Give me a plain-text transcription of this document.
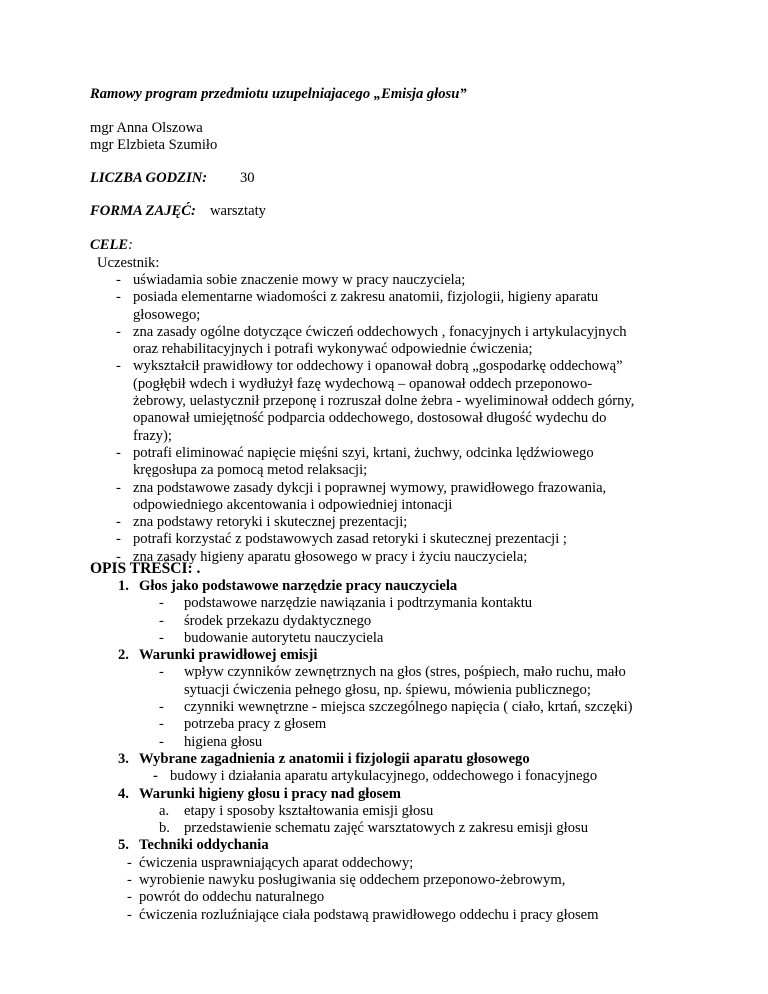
Ramowy program przedmiotu uzupelniajacego „Emisja głosu”
mgr Anna Olszowa
mgr Elzbieta Szumiło
LICZBA GODZIN: 30
FORMA ZAJĘĆ: warsztaty
CELE:
Uczestnik:
- uświadamia sobie znaczenie mowy w pracy nauczyciela;
- posiada elementarne wiadomości z zakresu anatomii, fizjologii, higieny aparatu
głosowego;
- zna zasady ogólne dotyczące ćwiczeń oddechowych , fonacyjnych i artykulacyjnych
oraz rehabilitacyjnych i potrafi wykonywać odpowiednie ćwiczenia;
- wykształcił prawidłowy tor oddechowy i opanował dobrą „gospodarkę oddechową”
(pogłębił wdech i wydłużył fazę wydechową – opanował oddech przeponowo-
żebrowy, uelastycznił przeponę i rozruszał dolne żebra - wyeliminował oddech górny,
opanował umiejętność podparcia oddechowego, dostosował długość wydechu do
frazy);
- potrafi eliminować napięcie mięśni szyi, krtani, żuchwy, odcinka lędźwiowego
kręgosłupa za pomocą metod relaksacji;
- zna podstawowe zasady dykcji i poprawnej wymowy, prawidłowego frazowania,
odpowiedniego akcentowania i odpowiedniej intonacji
- zna podstawy retoryki i skutecznej prezentacji;
- potrafi korzystać z podstawowych zasad retoryki i skutecznej prezentacji ;
- zna zasady higieny aparatu głosowego w pracy i życiu nauczyciela;
OPIS TREŚCI: .
1. Głos jako podstawowe narzędzie pracy nauczyciela
- podstawowe narzędzie nawiązania i podtrzymania kontaktu
- środek przekazu dydaktycznego
- budowanie autorytetu nauczyciela
2. Warunki prawidłowej emisji
- wpływ czynników zewnętrznych na głos (stres, pośpiech, mało ruchu, mało
sytuacji ćwiczenia pełnego głosu, np. śpiewu, mówienia publicznego;
- czynniki wewnętrzne - miejsca szczególnego napięcia ( ciało, krtań, szczęki)
- potrzeba pracy z głosem
- higiena głosu
3. Wybrane zagadnienia z anatomii i fizjologii aparatu głosowego
- budowy i działania aparatu artykulacyjnego, oddechowego i fonacyjnego
4. Warunki higieny głosu i pracy nad głosem
a. etapy i sposoby kształtowania emisji głosu
b. przedstawienie schematu zajęć warsztatowych z zakresu emisji głosu
5. Techniki oddychania
- ćwiczenia usprawniających aparat oddechowy;
- wyrobienie nawyku posługiwania się oddechem przeponowo-żebrowym,
- powrót do oddechu naturalnego
- ćwiczenia rozluźniające ciała podstawą prawidłowego oddechu i pracy głosem
